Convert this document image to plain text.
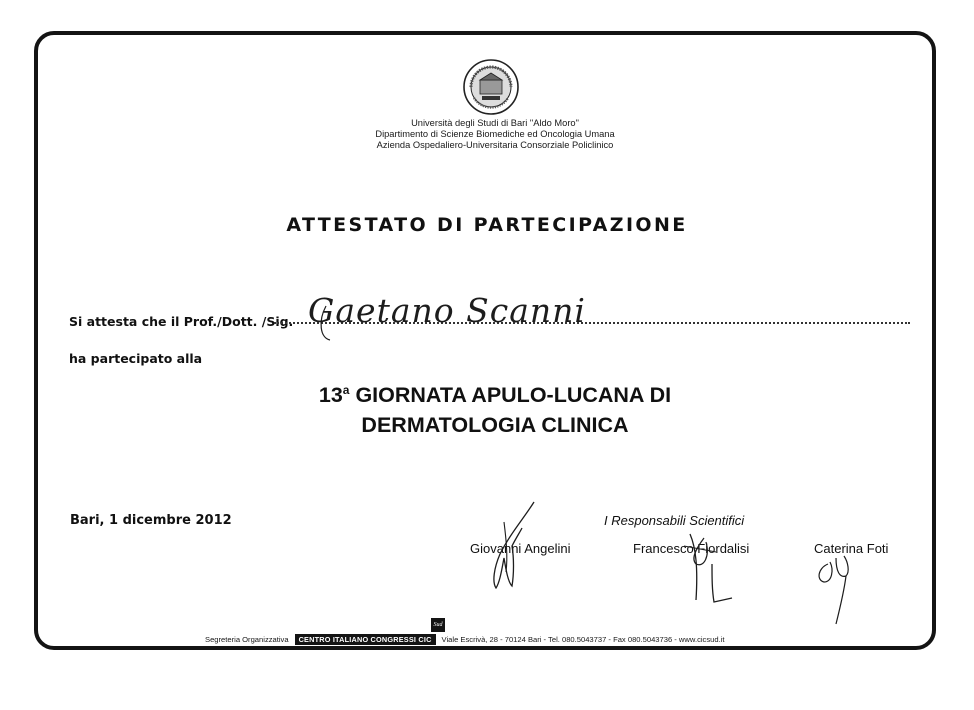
Università degli Studi di Bari "Aldo Moro"
Dipartimento di Scienze Biomediche ed Oncologia Umana
Azienda Ospedaliero-Universitaria Consorziale Policlinico
ATTESTATO DI PARTECIPAZIONE
Si attesta che il Prof./Dott. /Sig. Gaetano Scanni
ha partecipato alla
13$^a$ GIORNATA APULO-LUCANA DI
DERMATOLOGIA CLINICA
Bari, 1 dicembre 2012	I Responsabili Scientifici
Giovanni Angelini	Francesco Fiordalisi	Caterina Foti
Sud
Segreteria Organizzativa	CENTRO ITALIANO CONGRESSI CIC	Viale Escrivà, 28 - 70124 Bari - Tel. 080.5043737 - Fax 080.5043736 - www.cicsud.it
